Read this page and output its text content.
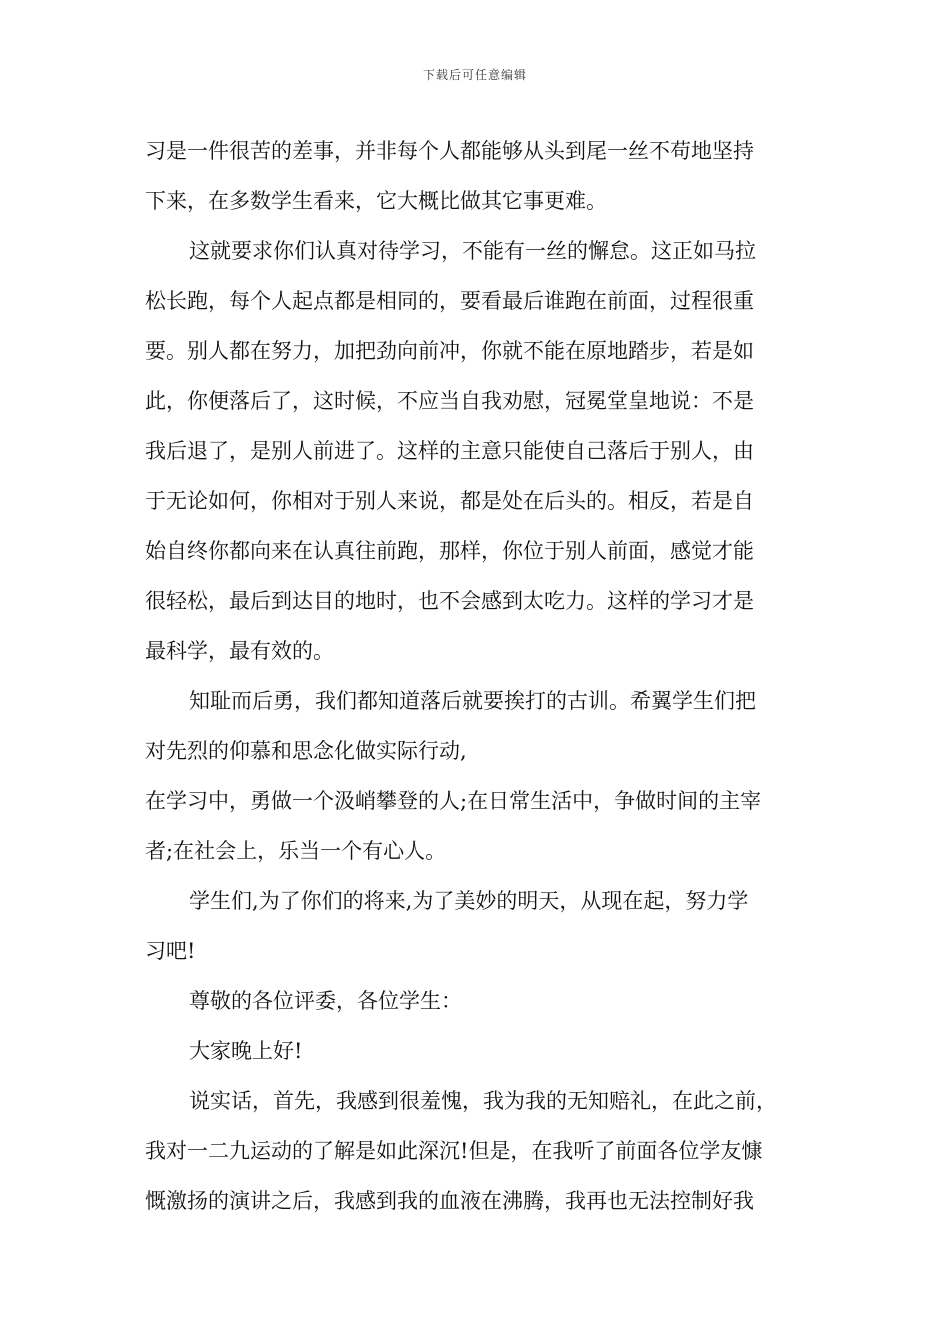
下载后可任意编辑
习是一件很苦的差事，并非每个人都能够从头到尾一丝不苟地坚持
下来，在多数学生看来，它大概比做其它事更难。
这就要求你们认真对待学习，不能有一丝的懈怠。这正如马拉
松长跑，每个人起点都是相同的，要看最后谁跑在前面，过程很重
要。别人都在努力，加把劲向前冲，你就不能在原地踏步，若是如
此，你便落后了，这时候，不应当自我劝慰，冠冕堂皇地说：不是
我后退了，是别人前进了。这样的主意只能使自己落后于别人，由
于无论如何，你相对于别人来说，都是处在后头的。相反，若是自
始自终你都向来在认真往前跑，那样，你位于别人前面，感觉才能
很轻松，最后到达目的地时，也不会感到太吃力。这样的学习才是
最科学，最有效的。
知耻而后勇，我们都知道落后就要挨打的古训。希翼学生们把
对先烈的仰慕和思念化做实际行动,
在学习中，勇做一个汲峭攀登的人;在日常生活中，争做时间的主宰
者;在社会上，乐当一个有心人。
学生们,为了你们的将来,为了美妙的明天，从现在起，努力学
习吧!
尊敬的各位评委，各位学生：
大家晚上好!
说实话，首先，我感到很羞愧，我为我的无知赔礼，在此之前，
我对一二九运动的了解是如此深沉!但是，在我听了前面各位学友慷
慨激扬的演讲之后，我感到我的血液在沸腾，我再也无法控制好我
